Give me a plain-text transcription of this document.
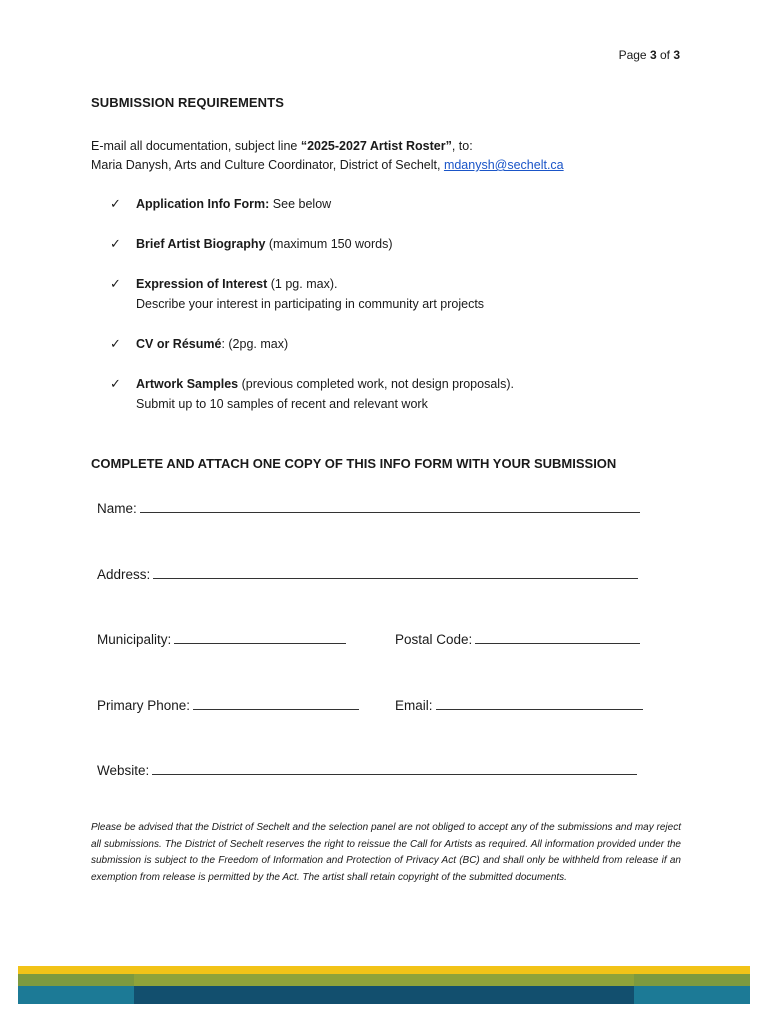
Page 3 of 3
SUBMISSION REQUIREMENTS
E-mail all documentation, subject line “2025-2027 Artist Roster”, to:
Maria Danysh, Arts and Culture Coordinator, District of Sechelt, mdanysh@sechelt.ca
✓	Application Info Form: See below
✓	Brief Artist Biography (maximum 150 words)
✓	Expression of Interest (1 pg. max).
Describe your interest in participating in community art projects
✓	CV or Résumé: (2pg. max)
✓	Artwork Samples (previous completed work, not design proposals).
Submit up to 10 samples of recent and relevant work
COMPLETE AND ATTACH ONE COPY OF THIS INFO FORM WITH YOUR SUBMISSION
Name:
Address:
Municipality:	Postal Code:
Primary Phone:	Email:
Website:
Please be advised that the District of Sechelt and the selection panel are not obliged to accept any of the submissions and may reject all submissions. The District of Sechelt reserves the right to reissue the Call for Artists as required. All information provided under the submission is subject to the Freedom of Information and Protection of Privacy Act (BC) and shall only be withheld from release if an exemption from release is permitted by the Act. The artist shall retain copyright of the submitted documents.
